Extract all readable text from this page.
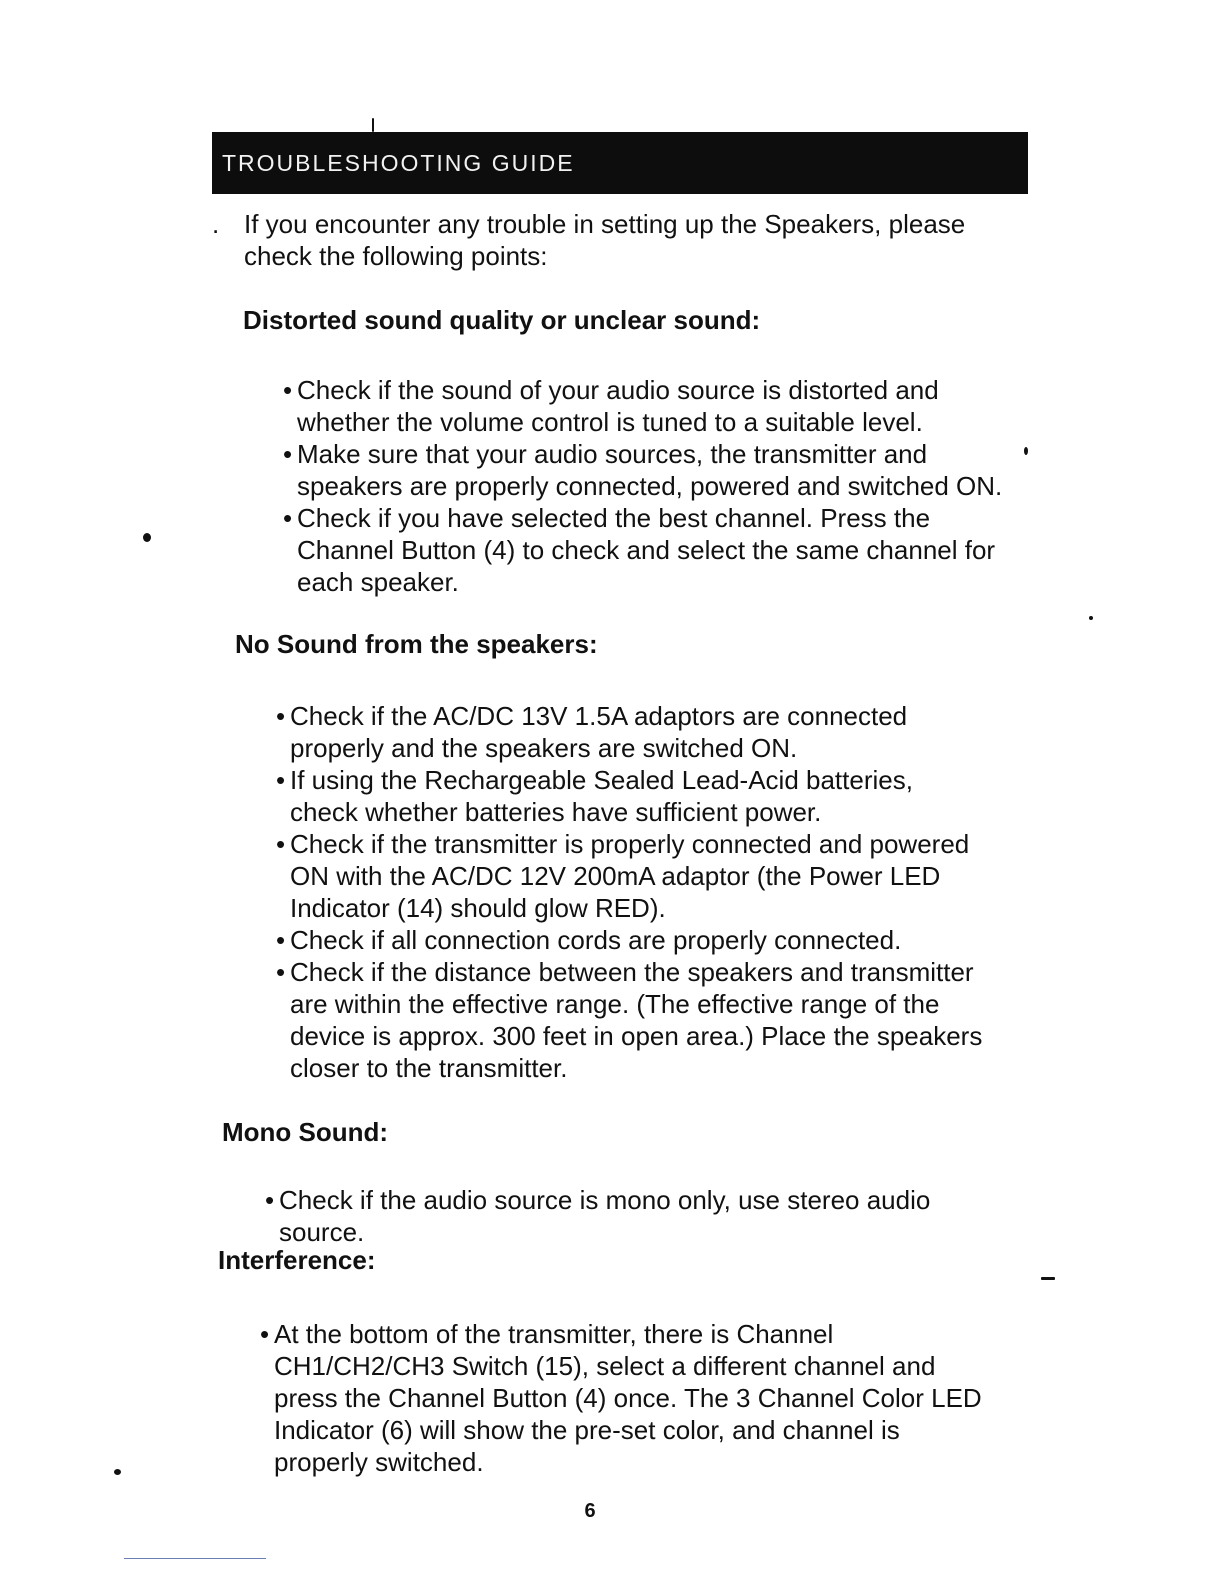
TROUBLESHOOTING GUIDE
. If you encounter any trouble in setting up the Speakers, please check the following points:
Distorted sound quality or unclear sound:
• Check if the sound of your audio source is distorted and whether the volume control is tuned to a suitable level.
• Make sure that your audio sources, the transmitter and speakers are properly connected, powered and switched ON.
• Check if you have selected the best channel. Press the Channel Button (4) to check and select the same channel for each speaker.
No Sound from the speakers:
• Check if the AC/DC 13V 1.5A adaptors are connected properly and the speakers are switched ON.
• If using the Rechargeable Sealed Lead-Acid batteries, check whether batteries have sufficient power.
• Check if the transmitter is properly connected and powered ON with the AC/DC 12V 200mA adaptor (the Power LED Indicator (14) should glow RED).
• Check if all connection cords are properly connected.
• Check if the distance between the speakers and transmitter are within the effective range. (The effective range of the device is approx. 300 feet in open area.) Place the speakers closer to the transmitter.
Mono Sound:
• Check if the audio source is mono only, use stereo audio source.
Interference:
• At the bottom of the transmitter, there is Channel CH1/CH2/CH3 Switch (15), select a different channel and press the Channel Button (4) once. The 3 Channel Color LED Indicator (6) will show the pre-set color, and channel is properly switched.
6
